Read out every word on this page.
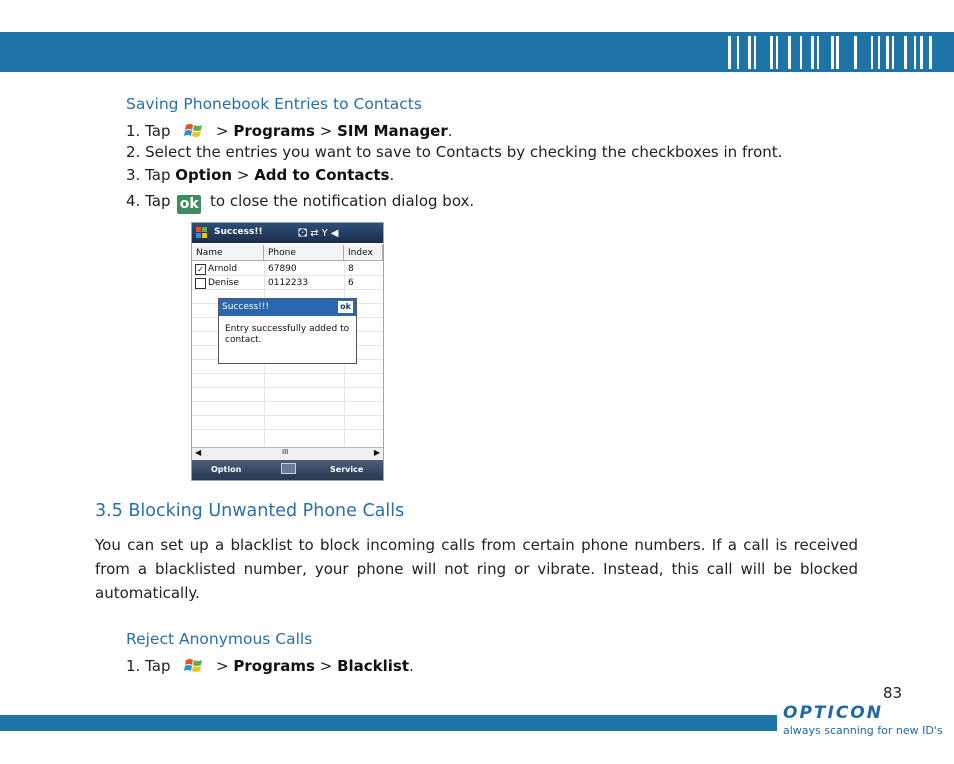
Saving Phonebook Entries to Contacts
1. Tap	> Programs > SIM Manager.
2. Select the entries you want to save to Contacts by checking the checkboxes in front.
3. Tap Option > Add to Contacts.
4. Tap ok to close the notification dialog box.
Success!!	🖸⇄Y◀
Name	Phone	Index
✓ Arnold	67890	8
Denise	0112233	6
Success!!!	ok
Entry successfully added to contact.
◀	III	▶
Option	Service
3.5 Blocking Unwanted Phone Calls
You can set up a blacklist to block incoming calls from certain phone numbers. If a call is received from a blacklisted number, your phone will not ring or vibrate. Instead, this call will be blocked automatically.
Reject Anonymous Calls
1. Tap	> Programs > Blacklist.
83
OPTICON
always scanning for new ID's
